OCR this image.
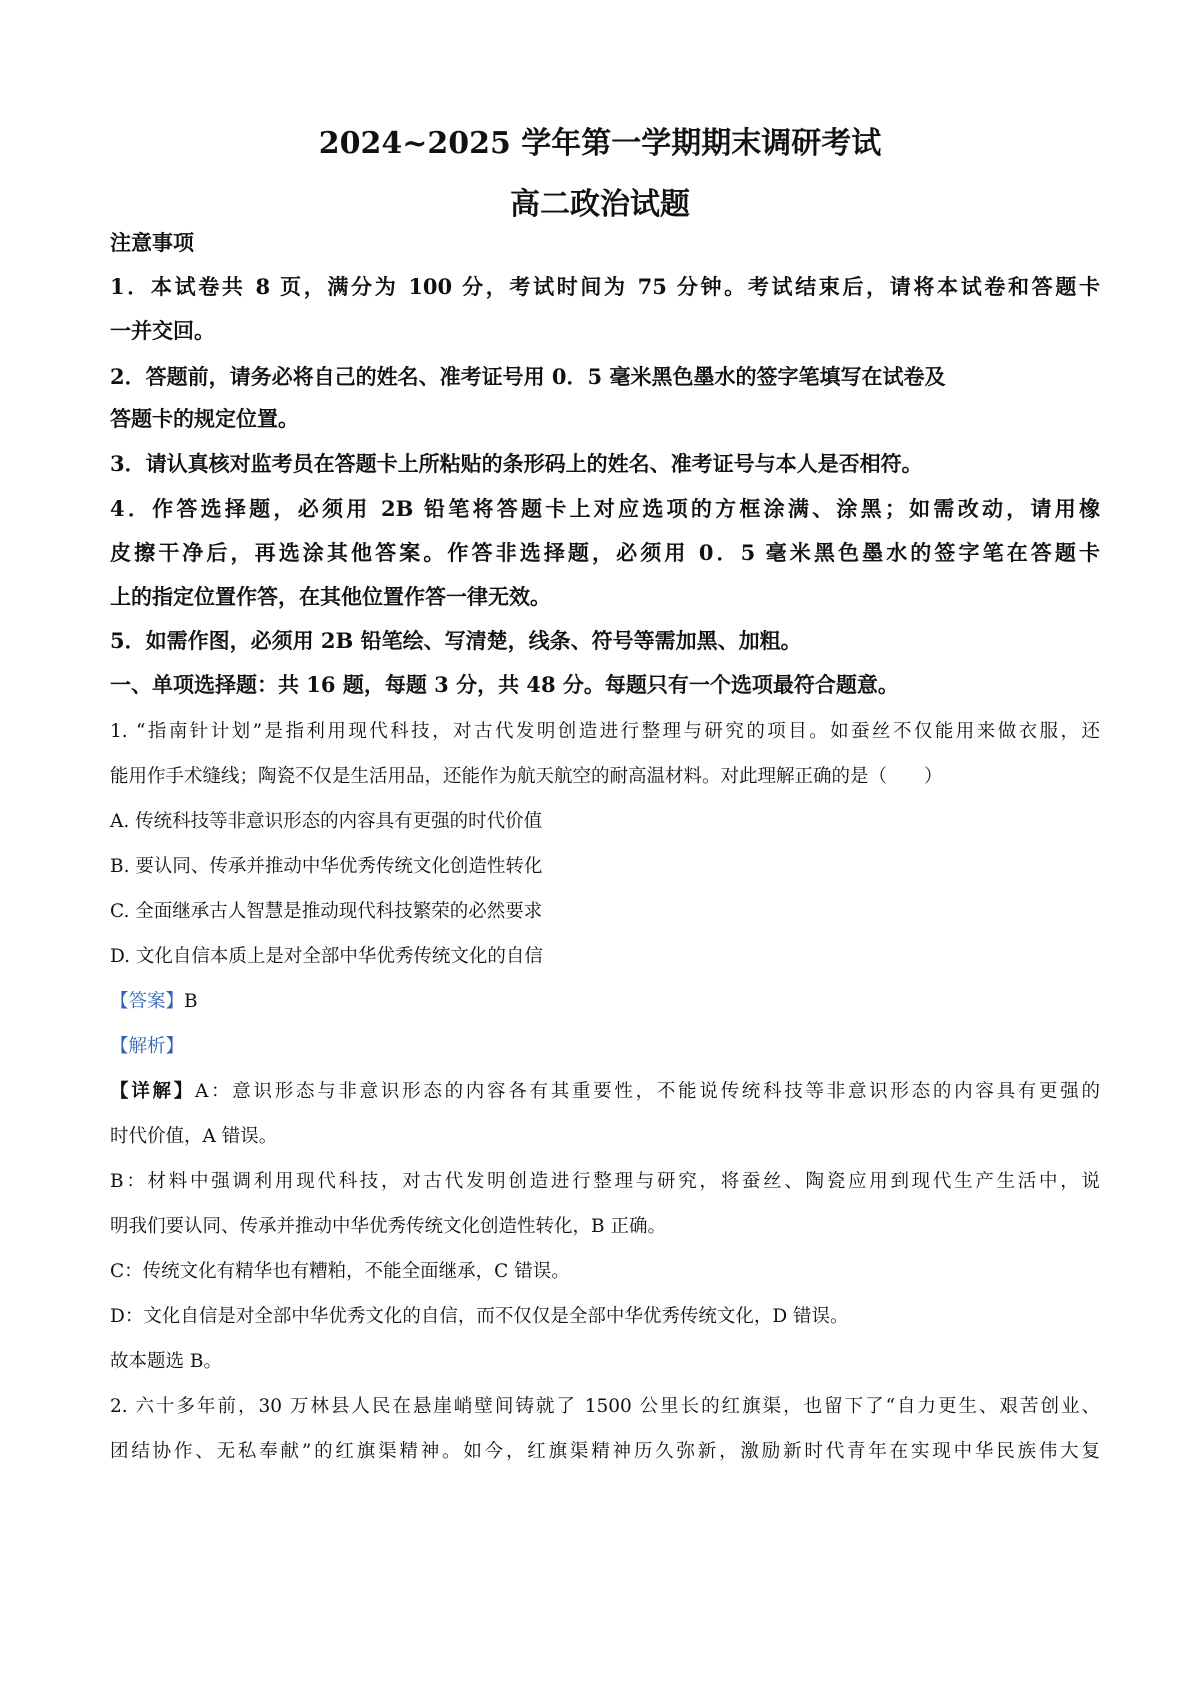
2024~2025 学年第一学期期末调研考试
高二政治试题
注意事项
1．本试卷共 8 页，满分为 100 分，考试时间为 75 分钟。考试结束后，请将本试卷和答题卡
一并交回。
2．答题前，请务必将自己的姓名、准考证号用 0．5 毫米黑色墨水的签字笔填写在试卷及
答题卡的规定位置。
3．请认真核对监考员在答题卡上所粘贴的条形码上的姓名、准考证号与本人是否相符。
4．作答选择题，必须用 2B 铅笔将答题卡上对应选项的方框涂满、涂黑；如需改动，请用橡
皮擦干净后，再选涂其他答案。作答非选择题，必须用 0．5 毫米黑色墨水的签字笔在答题卡
上的指定位置作答，在其他位置作答一律无效。
5．如需作图，必须用 2B 铅笔绘、写清楚，线条、符号等需加黑、加粗。
一、单项选择题：共 16 题，每题 3 分，共 48 分。每题只有一个选项最符合题意。
1. “指南针计划”是指利用现代科技，对古代发明创造进行整理与研究的项目。如蚕丝不仅能用来做衣服，还
能用作手术缝线；陶瓷不仅是生活用品，还能作为航天航空的耐高温材料。对此理解正确的是（　　）
A. 传统科技等非意识形态的内容具有更强的时代价值
B. 要认同、传承并推动中华优秀传统文化创造性转化
C. 全面继承古人智慧是推动现代科技繁荣的必然要求
D. 文化自信本质上是对全部中华优秀传统文化的自信
【答案】B
【解析】
【详解】A：意识形态与非意识形态的内容各有其重要性，不能说传统科技等非意识形态的内容具有更强的
时代价值，A 错误。
B：材料中强调利用现代科技，对古代发明创造进行整理与研究，将蚕丝、陶瓷应用到现代生产生活中，说
明我们要认同、传承并推动中华优秀传统文化创造性转化，B 正确。
C：传统文化有精华也有糟粕，不能全面继承，C 错误。
D：文化自信是对全部中华优秀文化的自信，而不仅仅是全部中华优秀传统文化，D 错误。
故本题选 B。
2. 六十多年前，30 万林县人民在悬崖峭壁间铸就了 1500 公里长的红旗渠，也留下了“自力更生、艰苦创业、
团结协作、无私奉献”的红旗渠精神。如今，红旗渠精神历久弥新，激励新时代青年在实现中华民族伟大复
